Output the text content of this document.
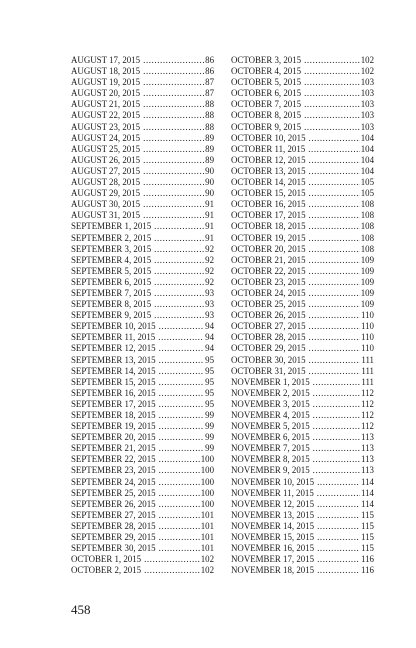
AUGUST 17, 2015 .....	86
AUGUST 18, 2015 .....	86
AUGUST 19, 2015 .....	87
AUGUST 20, 2015 .....	87
AUGUST 21, 2015 .....	88
AUGUST 22, 2015 .....	88
AUGUST 23, 2015 .....	88
AUGUST 24, 2015 .....	89
AUGUST 25, 2015 .....	89
AUGUST 26, 2015 .....	89
AUGUST 27, 2015 .....	90
AUGUST 28, 2015 .....	90
AUGUST 29, 2015 .....	90
AUGUST 30, 2015 .....	91
AUGUST 31, 2015 .....	91
SEPTEMBER 1, 2015 .....	91
SEPTEMBER 2, 2015 .....	91
SEPTEMBER 3, 2015 .....	92
SEPTEMBER 4, 2015 .....	92
SEPTEMBER 5, 2015 .....	92
SEPTEMBER 6, 2015 .....	92
SEPTEMBER 7, 2015 .....	93
SEPTEMBER 8, 2015 .....	93
SEPTEMBER 9, 2015 .....	93
SEPTEMBER 10, 2015 .....	94
SEPTEMBER 11, 2015 .....	94
SEPTEMBER 12, 2015 .....	94
SEPTEMBER 13, 2015 .....	95
SEPTEMBER 14, 2015 .....	95
SEPTEMBER 15, 2015 .....	95
SEPTEMBER 16, 2015 .....	95
SEPTEMBER 17, 2015 .....	95
SEPTEMBER 18, 2015 .....	99
SEPTEMBER 19, 2015 .....	99
SEPTEMBER 20, 2015 .....	99
SEPTEMBER 21, 2015 .....	99
SEPTEMBER 22, 2015 .....	100
SEPTEMBER 23, 2015 .....	100
SEPTEMBER 24, 2015 .....	100
SEPTEMBER 25, 2015 .....	100
SEPTEMBER 26, 2015 .....	100
SEPTEMBER 27, 2015 .....	101
SEPTEMBER 28, 2015 .....	101
SEPTEMBER 29, 2015 .....	101
SEPTEMBER 30, 2015 .....	101
OCTOBER 1, 2015 .....	102
OCTOBER 2, 2015 .....	102
OCTOBER 3, 2015 .....	102
OCTOBER 4, 2015 .....	102
OCTOBER 5, 2015 .....	103
OCTOBER 6, 2015 .....	103
OCTOBER 7, 2015 .....	103
OCTOBER 8, 2015 .....	103
OCTOBER 9, 2015 .....	103
OCTOBER 10, 2015 .....	104
OCTOBER 11, 2015 .....	104
OCTOBER 12, 2015 .....	104
OCTOBER 13, 2015 .....	104
OCTOBER 14, 2015 .....	105
OCTOBER 15, 2015 .....	105
OCTOBER 16, 2015 .....	108
OCTOBER 17, 2015 .....	108
OCTOBER 18, 2015 .....	108
OCTOBER 19, 2015 .....	108
OCTOBER 20, 2015 .....	108
OCTOBER 21, 2015 .....	109
OCTOBER 22, 2015 .....	109
OCTOBER 23, 2015 .....	109
OCTOBER 24, 2015 .....	109
OCTOBER 25, 2015 .....	109
OCTOBER 26, 2015 .....	110
OCTOBER 27, 2015 .....	110
OCTOBER 28, 2015 .....	110
OCTOBER 29, 2015 .....	110
OCTOBER 30, 2015 .....	111
OCTOBER 31, 2015 .....	111
NOVEMBER 1, 2015 .....	111
NOVEMBER 2, 2015 .....	112
NOVEMBER 3, 2015 .....	112
NOVEMBER 4, 2015 .....	112
NOVEMBER 5, 2015 .....	112
NOVEMBER 6, 2015 .....	113
NOVEMBER 7, 2015 .....	113
NOVEMBER 8, 2015 .....	113
NOVEMBER 9, 2015 .....	113
NOVEMBER 10, 2015 .....	114
NOVEMBER 11, 2015 .....	114
NOVEMBER 12, 2015 .....	114
NOVEMBER 13, 2015 .....	115
NOVEMBER 14, 2015 .....	115
NOVEMBER 15, 2015 .....	115
NOVEMBER 16, 2015 .....	115
NOVEMBER 17, 2015 .....	116
NOVEMBER 18, 2015 .....	116
458
